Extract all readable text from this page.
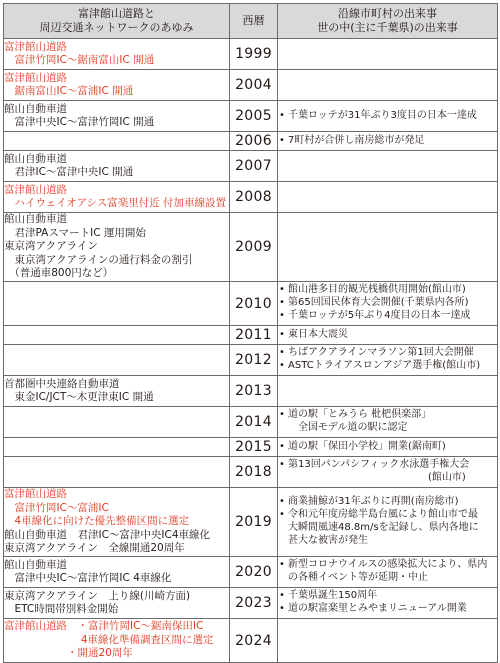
富津館山道路と
周辺交通ネットワークのあゆみ	西暦	沿線市町村の出来事
世の中(主に千葉県)の出来事

富津館山道路
　富津竹岡IC～鋸南富山IC 開通	1999	

富津館山道路
　鋸南富山IC～富浦IC 開通	2004	

館山自動車道
　富津中央IC～富津竹岡IC 開通	2005	• 千葉ロッテが31年ぶり3度目の日本一達成

	2006	• 7町村が合併し南房総市が発足

館山自動車道
　君津IC～富津中央IC 開通	2007	

富津館山道路
　ハイウェイオアシス富楽里付近 付加車線設置	2008	

館山自動車道
　君津PAスマートIC 運用開始
東京湾アクアライン
　東京湾アクアラインの通行料金の割引
　（普通車800円など）	2009	
	2010	• 館山港多目的観光桟橋供用開始(館山市)
• 第65回国民体育大会開催(千葉県内各所)
• 千葉ロッテが5年ぶり4度目の日本一達成

	2011	• 東日本大震災

	2012	• ちばアクアラインマラソン第1回大会開催
• ASTCトライアスロンアジア選手権(館山市)

首都圏中央連絡自動車道
　東金IC/JCT～木更津東IC 開通	2013	
	2014	• 道の駅「とみうら 枇杷倶楽部」
　全国モデル道の駅に認定

	2015	• 道の駅「保田小学校」開業(鋸南町)

	2018	• 第13回パンパシフィック水泳選手権大会
　　　　　　　　　　　　　　(館山市)

富津館山道路
　富津竹岡IC～富浦IC
　4車線化に向けた優先整備区間に選定
館山自動車道　君津IC～富津中央IC4車線化
東京湾アクアライン　全線開通20周年	2019	• 商業捕鯨が31年ぶりに再開(南房総市)
• 令和元年度房総半島台風により館山市で最
大瞬間風速48.8m/sを記録し、県内各地に
甚大な被害が発生

館山自動車道
　富津中央IC～富津竹岡IC 4車線化	2020	• 新型コロナウイルスの感染拡大により、県内
の各種イベント等が延期・中止

東京湾アクアライン　上り線(川崎方面)
　ETC時間帯別料金開始	2023	• 千葉県誕生150周年
• 道の駅富楽里とみやまリニューアル開業

富津館山道路　・富津竹岡IC～鋸南保田IC
　　　　　　　 4車線化準備調査区間に選定
　　　　　　・開通20周年	2024	
